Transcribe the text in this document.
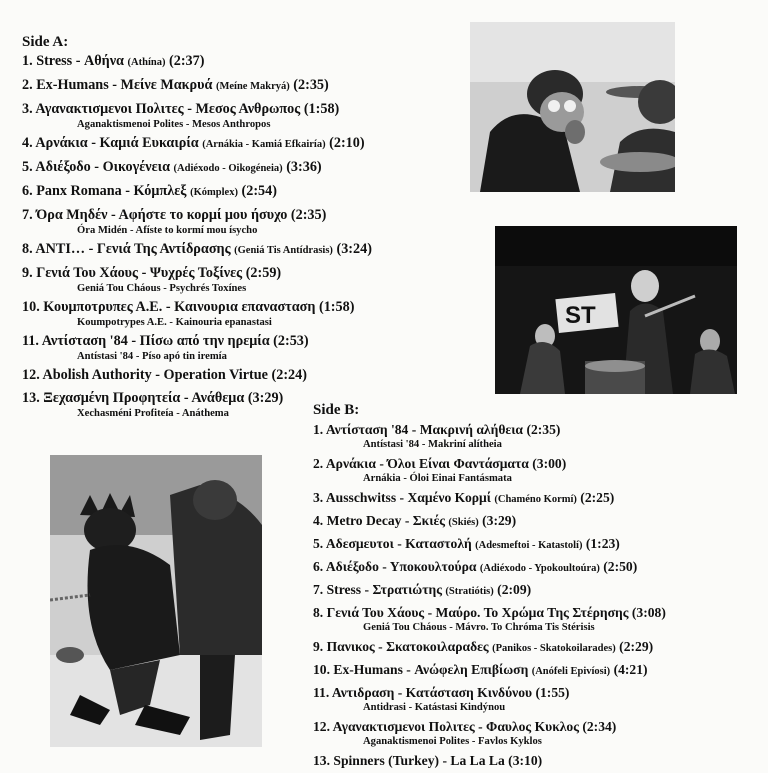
Side A:
1. Stress - Αθήνα (Athína) (2:37)
2. Ex-Humans - Μείνε Μακρυά (Meíne Makryá) (2:35)
3. Αγανακτισμενοι Πολιτες - Μεσος Ανθρωπος (1:58)
Aganaktismenoi Polites - Mesos Anthropos
4. Αρνάκια - Καμιά Ευκαιρία (Arnákia - Kamiá Efkairía) (2:10)
5. Αδιέξοδο - Οικογένεια (Adiéxodo - Oikogéneia) (3:36)
6. Panx Romana - Κόμπλεξ (Kómplex) (2:54)
7. Όρα Μηδέν - Αφήστε το κορμί μου ήσυχο (2:35)
Óra Midén - Afíste to kormí mou ísycho
8. ANTI… - Γενιά Της Αντίδρασης (Geniá Tis Antídrasis) (3:24)
9. Γενιά Του Χάους - Ψυχρές Τοξίνες (2:59)
Geniá Tou Cháous - Psychrés Toxínes
10. Κουμποτρυπες Α.Ε. - Καινουρια επανασταση (1:58)
Koumpotrypes A.E. - Kainouria epanastasi
11. Αντίσταση '84 - Πίσω από την ηρεμία (2:53)
Antístasi '84 - Píso apó tin iremía
12. Abolish Authority - Operation Virtue (2:24)
13. Ξεχασμένη Προφητεία - Ανάθεμα (3:29)
Xechasméni Profiteía - Anáthema	Side B:
1. Αντίσταση '84 - Μακρινή αλήθεια (2:35)
Antístasi '84 - Makriní alítheia
2. Αρνάκια - Όλοι Είναι Φαντάσματα (3:00)
Arnákia - Óloi Einai Fantásmata
3. Ausschwitss - Χαμένο Κορμί (Chaméno Kormí) (2:25)
4. Metro Decay - Σκιές (Skiés) (3:29)
5. Αδεσμευτοι - Καταστολή (Adesmeftoi - Katastolí) (1:23)
6. Αδιέξοδο - Υποκουλτούρα (Adiéxodo - Ypokoultoúra) (2:50)
7. Stress - Στρατιώτης (Stratiótis) (2:09)
8. Γενιά Του Χάους - Μαύρο. Το Χρώμα Της Στέρησης (3:08)
Geniá Tou Cháous - Mávro. To Chróma Tis Stérisis
9. Πανικος - Σκατοκοιλαραδες (Panikos - Skatokoilarades) (2:29)
10. Ex-Humans - Ανώφελη Επιβίωση (Anófeli Epivíosi) (4:21)
11. Αντιδραση - Κατάσταση Κινδύνου (1:55)
Antidrasi - Katástasi Kindýnou
12. Αγανακτισμενοι Πολιτες - Φαυλος Κυκλος (2:34)
Aganaktismenoi Polites - Favlos Kyklos
13. Spinners (Turkey) - La La La (3:10)
ST
